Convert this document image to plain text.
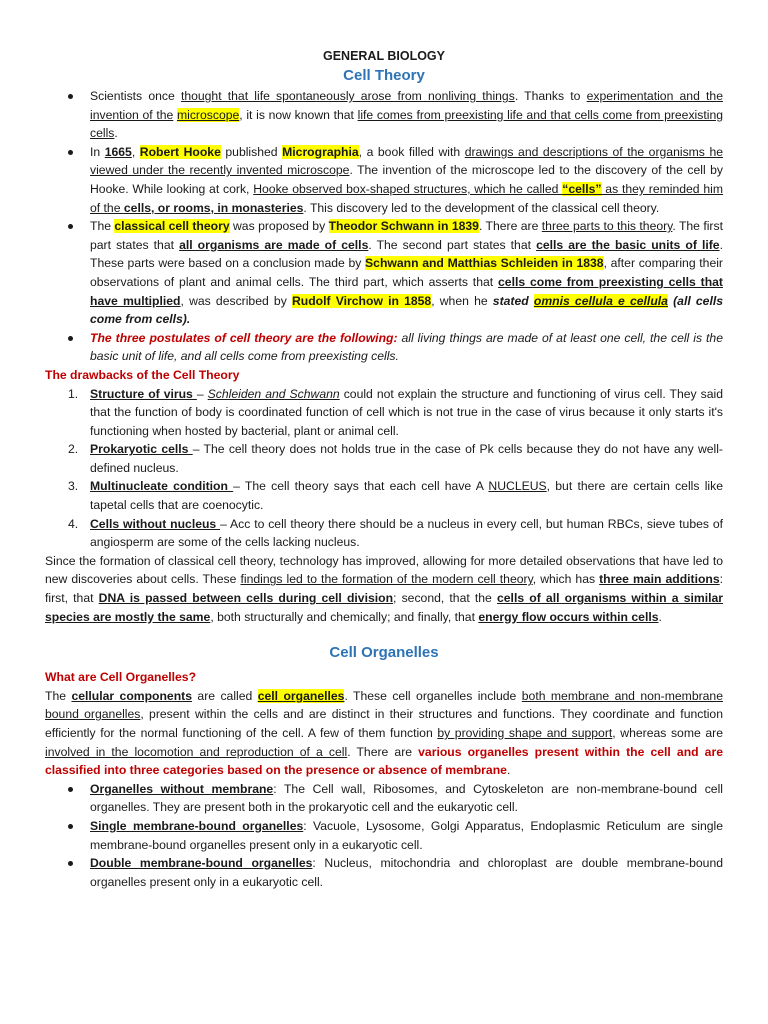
GENERAL BIOLOGY

Cell Theory

Scientists once thought that life spontaneously arose from nonliving things. Thanks to experimentation and the invention of the microscope, it is now known that life comes from preexisting life and that cells come from preexisting cells.
In 1665, Robert Hooke published Micrographia, a book filled with drawings and descriptions of the organisms he viewed under the recently invented microscope. The invention of the microscope led to the discovery of the cell by Hooke. While looking at cork, Hooke observed box-shaped structures, which he called “cells” as they reminded him of the cells, or rooms, in monasteries. This discovery led to the development of the classical cell theory.
The classical cell theory was proposed by Theodor Schwann in 1839. There are three parts to this theory. The first part states that all organisms are made of cells. The second part states that cells are the basic units of life. These parts were based on a conclusion made by Schwann and Matthias Schleiden in 1838, after comparing their observations of plant and animal cells. The third part, which asserts that cells come from preexisting cells that have multiplied, was described by Rudolf Virchow in 1858, when he stated omnis cellula e cellula (all cells come from cells).
The three postulates of cell theory are the following: all living things are made of at least one cell, the cell is the basic unit of life, and all cells come from preexisting cells.

The drawbacks of the Cell Theory

1. Structure of virus – Schleiden and Schwann could not explain the structure and functioning of virus cell. They said that the function of body is coordinated function of cell which is not true in the case of virus because it only starts it's functioning when hosted by bacterial, plant or animal cell.
2. Prokaryotic cells – The cell theory does not holds true in the case of Pk cells because they do not have any well-defined nucleus.
3. Multinucleate condition – The cell theory says that each cell have A NUCLEUS, but there are certain cells like tapetal cells that are coenocytic.
4. Cells without nucleus – Acc to cell theory there should be a nucleus in every cell, but human RBCs, sieve tubes of angiosperm are some of the cells lacking nucleus.

Since the formation of classical cell theory, technology has improved, allowing for more detailed observations that have led to new discoveries about cells. These findings led to the formation of the modern cell theory, which has three main additions: first, that DNA is passed between cells during cell division; second, that the cells of all organisms within a similar species are mostly the same, both structurally and chemically; and finally, that energy flow occurs within cells.

Cell Organelles

What are Cell Organelles?

The cellular components are called cell organelles. These cell organelles include both membrane and non-membrane bound organelles, present within the cells and are distinct in their structures and functions. They coordinate and function efficiently for the normal functioning of the cell. A few of them function by providing shape and support, whereas some are involved in the locomotion and reproduction of a cell. There are various organelles present within the cell and are classified into three categories based on the presence or absence of membrane.

Organelles without membrane: The Cell wall, Ribosomes, and Cytoskeleton are non-membrane-bound cell organelles. They are present both in the prokaryotic cell and the eukaryotic cell.
Single membrane-bound organelles: Vacuole, Lysosome, Golgi Apparatus, Endoplasmic Reticulum are single membrane-bound organelles present only in a eukaryotic cell.
Double membrane-bound organelles: Nucleus, mitochondria and chloroplast are double membrane-bound organelles present only in a eukaryotic cell.
